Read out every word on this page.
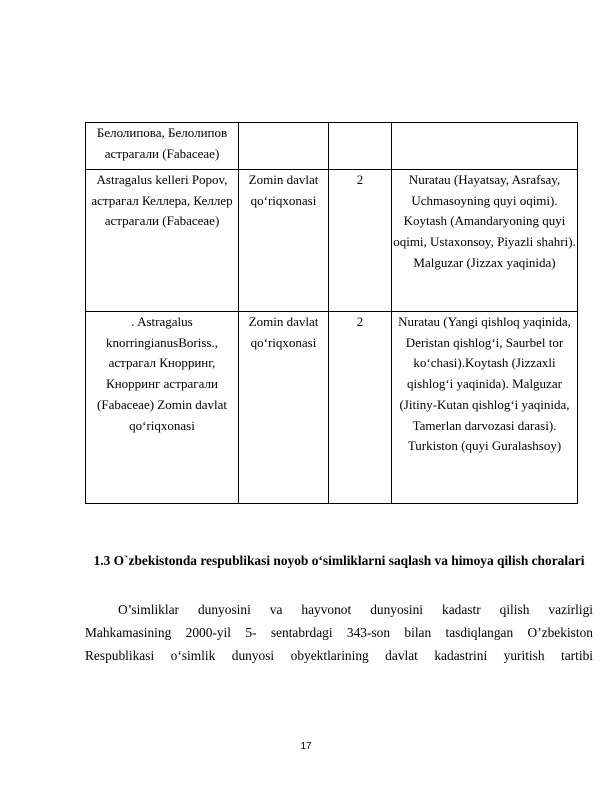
Белолипова, Белолипов астрагали (Fabaceae)			
Astragalus kelleri Popov, астрагал Келлера, Келлер астрагали (Fabaceae)	Zomin davlat qo‘riqxonasi	2	Nuratau (Hayatsay, Asrafsay, Uchmasoyning quyi oqimi). Koytash (Amandaryoning quyi oqimi, Ustaxonsoy, Piyazli shahri). Malguzar (Jizzax yaqinida)
. Astragalus knorringianusBoriss., астрагал Кнорринг, Кнорринг астрагали (Fabaceae) Zomin davlat qo‘riqxonasi	Zomin davlat qo‘riqxonasi	2	Nuratau (Yangi qishloq yaqinida, Deristan qishlog‘i, Saurbel tor ko‘chasi).Koytash (Jizzaxli qishlog‘i yaqinida). Malguzar (Jitiny-Kutan qishlog‘i yaqinida, Tamerlan darvozasi darasi). Turkiston (quyi Guralashsoy)
1.3 O`zbekistonda respublikasi noyob o‘simliklarni saqlash va himoya qilish choralari
O’simliklar dunyosini va hayvonot dunyosini kadastr qilish vazirligi
Mahkamasining 2000-yil 5- sentabrdagi 343-son bilan tasdiqlangan O’zbekiston
Respublikasi o‘simlik dunyosi obyektlarining davlat kadastrini yuritish tartibi
17
